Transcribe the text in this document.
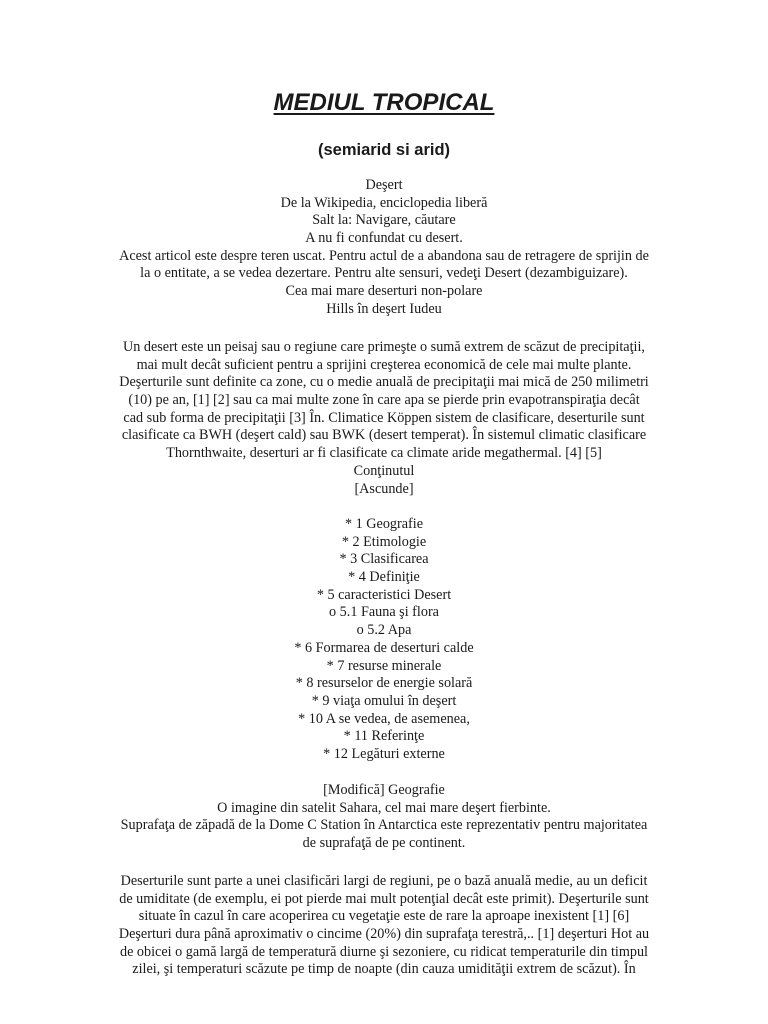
MEDIUL TROPICAL
(semiarid si arid)
Deşert
De la Wikipedia, enciclopedia liberă
Salt la: Navigare, căutare
A nu fi confundat cu desert.
Acest articol este despre teren uscat. Pentru actul de a abandona sau de retragere de sprijin de
la o entitate, a se vedea dezertare. Pentru alte sensuri, vedeţi Desert (dezambiguizare).
Cea mai mare deserturi non-polare
Hills în deşert Iudeu
Un desert este un peisaj sau o regiune care primeşte o sumă extrem de scăzut de precipitaţii,
mai mult decât suficient pentru a sprijini creşterea economică de cele mai multe plante.
Deşerturile sunt definite ca zone, cu o medie anuală de precipitaţii mai mică de 250 milimetri
(10) pe an, [1] [2] sau ca mai multe zone în care apa se pierde prin evapotranspiraţia decât
cad sub forma de precipitaţii [3] În. Climatice Köppen sistem de clasificare, deserturile sunt
clasificate ca BWH (deşert cald) sau BWK (desert temperat). În sistemul climatic clasificare
Thornthwaite, deserturi ar fi clasificate ca climate aride megathermal. [4] [5]
Conţinutul
[Ascunde]
* 1 Geografie
* 2 Etimologie
* 3 Clasificarea
* 4 Definiţie
* 5 caracteristici Desert
o 5.1 Fauna şi flora
o 5.2 Apa
* 6 Formarea de deserturi calde
* 7 resurse minerale
* 8 resurselor de energie solară
* 9 viaţa omului în deşert
* 10 A se vedea, de asemenea,
* 11 Referinţe
* 12 Legături externe
[Modifică] Geografie
O imagine din satelit Sahara, cel mai mare deşert fierbinte.
Suprafaţa de zăpadă de la Dome C Station în Antarctica este reprezentativ pentru majoritatea
de suprafaţă de pe continent.
Deserturile sunt parte a unei clasificări largi de regiuni, pe o bază anuală medie, au un deficit
de umiditate (de exemplu, ei pot pierde mai mult potenţial decât este primit). Deşerturile sunt
situate în cazul în care acoperirea cu vegetaţie este de rare la aproape inexistent [1] [6]
Deşerturi dura până aproximativ o cincime (20%) din suprafaţa terestră,.. [1] deşerturi Hot au
de obicei o gamă largă de temperatură diurne şi sezoniere, cu ridicat temperaturile din timpul
zilei, şi temperaturi scăzute pe timp de noapte (din cauza umidităţii extrem de scăzut). În
